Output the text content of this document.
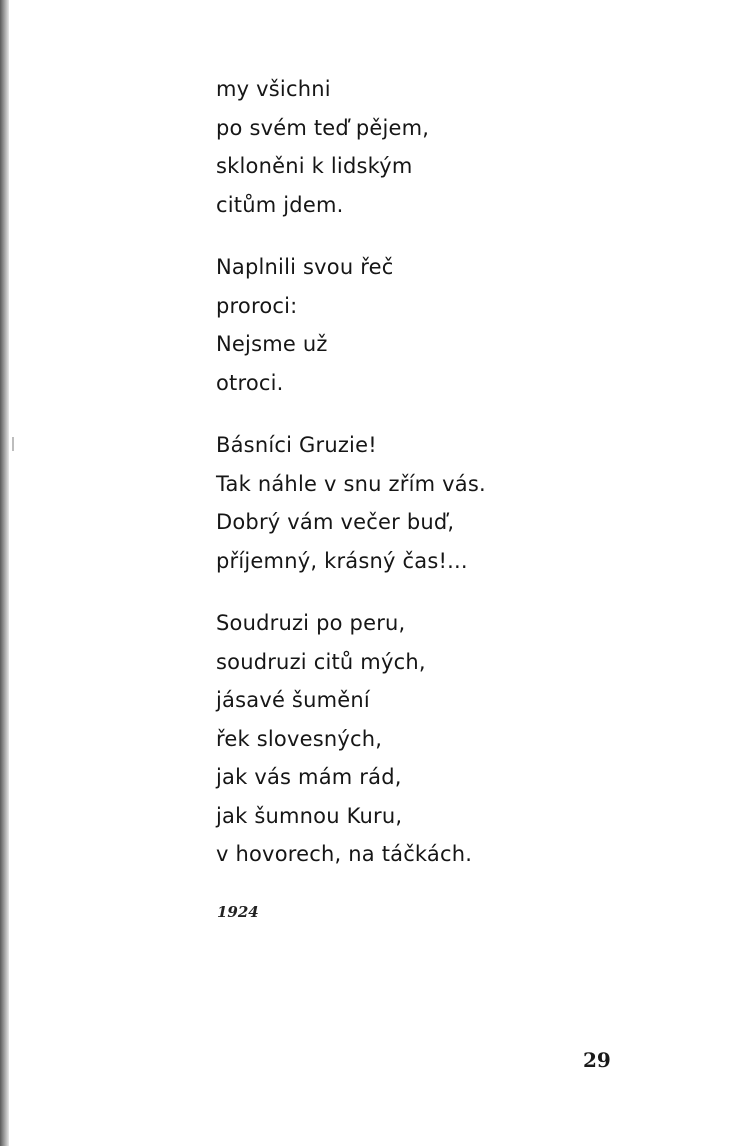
my všichni
po svém teď pějem,
skloněni k lidským
citům jdem.
Naplnili svou řeč
proroci:
Nejsme už
otroci.
Básníci Gruzie!
Tak náhle v snu zřím vás.
Dobrý vám večer buď,
příjemný, krásný čas!...
Soudruzi po peru,
soudruzi citů mých,
jásavé šumění
řek slovesných,
jak vás mám rád,
jak šumnou Kuru,
v hovorech, na táčkách.
1924
29
